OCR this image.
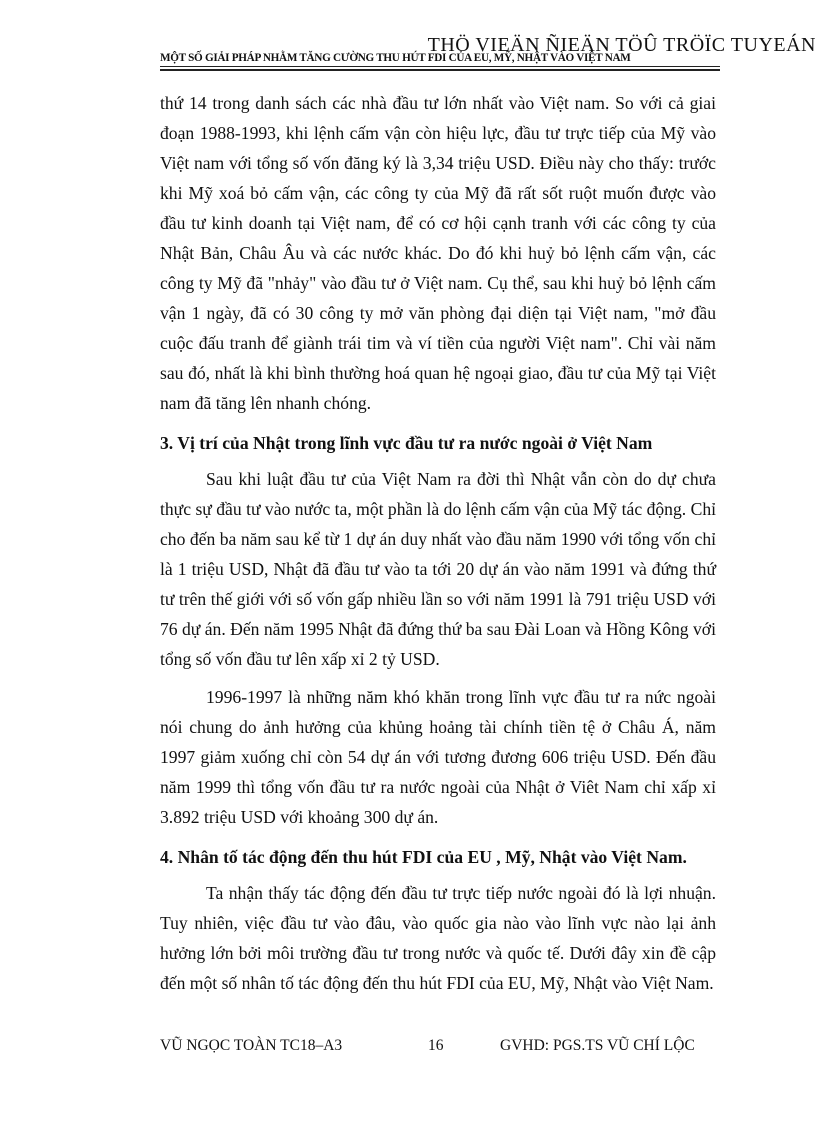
THÖ VIEÄN ÑIEÄN TÖÛ TRÖÏC TUYEÁN
MỘT SỐ GIẢI PHÁP NHẰM TĂNG CƯỜNG THU HÚT FDI CỦA EU, MỸ, NHẬT VÀO VIỆT NAM

thứ 14 trong danh sách các nhà đầu tư lớn nhất vào Việt nam. So với cả giai đoạn 1988-1993, khi lệnh cấm vận còn hiệu lực, đầu tư trực tiếp của Mỹ vào Việt nam với tổng số vốn đăng ký là 3,34 triệu USD. Điều này cho thấy: trước khi Mỹ xoá bỏ cấm vận, các công ty của Mỹ đã rất sốt ruột muốn được vào đầu tư kinh doanh tại Việt nam, để có cơ hội cạnh tranh với các công ty của Nhật Bản, Châu Âu và các nước khác. Do đó khi huỷ bỏ lệnh cấm vận, các công ty Mỹ đã "nhảy" vào đầu tư ở Việt nam. Cụ thể, sau khi huỷ bỏ lệnh cấm vận 1 ngày, đã có 30 công ty mở văn phòng đại diện tại Việt nam, "mở đầu cuộc đấu tranh để giành trái tim và ví tiền của người Việt nam". Chỉ vài năm sau đó, nhất là khi bình thường hoá quan hệ ngoại giao, đầu tư của Mỹ tại Việt nam đã tăng lên nhanh chóng.

3. Vị trí của Nhật trong lĩnh vực đầu tư ra nước ngoài ở Việt Nam

Sau khi luật đầu tư của Việt Nam ra đời thì Nhật vẫn còn do dự chưa thực sự đầu tư vào nước ta, một phần là do lệnh cấm vận của Mỹ tác động. Chỉ cho đến ba năm sau kể từ 1 dự án duy nhất vào đầu năm 1990 với tổng vốn chỉ là 1 triệu USD, Nhật đã đầu tư vào ta tới 20 dự án vào năm 1991 và đứng thứ tư trên thế giới với số vốn gấp nhiều lần so với năm 1991 là 791 triệu USD với 76 dự án. Đến năm 1995 Nhật đã đứng thứ ba sau Đài Loan và Hồng Kông với tổng số vốn đầu tư lên xấp xỉ 2 tỷ USD.

1996-1997 là những năm khó khăn trong lĩnh vực đầu tư ra nức ngoài nói chung do ảnh hưởng của khủng hoảng tài chính tiền tệ ở Châu Á, năm 1997 giảm xuống chỉ còn 54 dự án với tương đương 606 triệu USD. Đến đầu năm 1999 thì tổng vốn đầu tư ra nước ngoài của Nhật ở Viêt Nam chỉ xấp xỉ 3.892 triệu USD với khoảng 300 dự án.

4. Nhân tố tác động đến thu hút FDI của EU , Mỹ, Nhật vào Việt Nam.

Ta nhận thấy tác động đến đầu tư trực tiếp nước ngoài đó là lợi nhuận. Tuy nhiên, việc đầu tư vào đâu, vào quốc gia nào vào lĩnh vực nào lại ảnh hưởng lớn bởi môi trường đầu tư trong nước và quốc tế. Dưới đây xin đề cập đến một số nhân tố tác động đến thu hút FDI của EU, Mỹ, Nhật vào Việt Nam.

VŨ NGỌC TOÀN TC18–A3	16	GVHD: PGS.TS VŨ CHÍ LỘC
